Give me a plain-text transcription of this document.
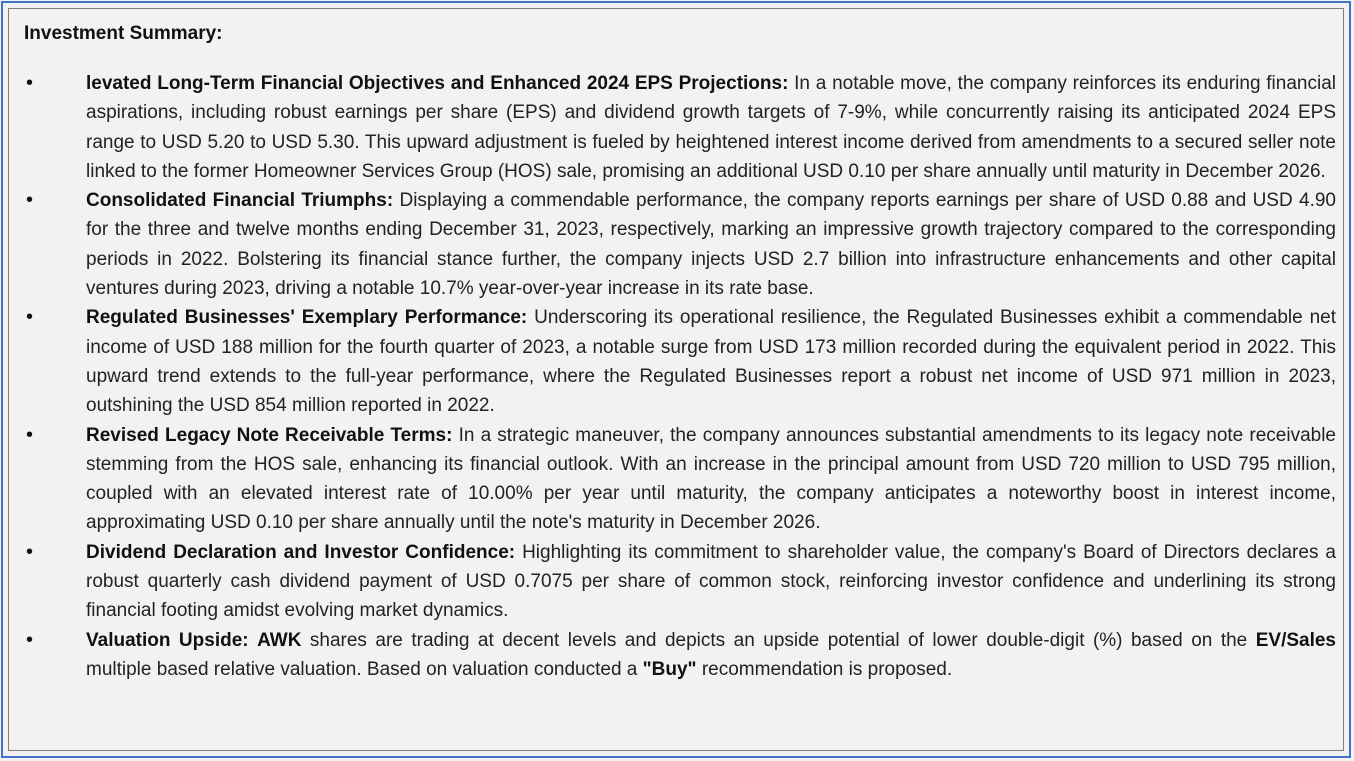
Investment Summary:

•	levated Long-Term Financial Objectives and Enhanced 2024 EPS Projections: In a notable move, the company reinforces its enduring financial aspirations, including robust earnings per share (EPS) and dividend growth targets of 7-9%, while concurrently raising its anticipated 2024 EPS range to USD 5.20 to USD 5.30. This upward adjustment is fueled by heightened interest income derived from amendments to a secured seller note linked to the former Homeowner Services Group (HOS) sale, promising an additional USD 0.10 per share annually until maturity in December 2026.
•	Consolidated Financial Triumphs: Displaying a commendable performance, the company reports earnings per share of USD 0.88 and USD 4.90 for the three and twelve months ending December 31, 2023, respectively, marking an impressive growth trajectory compared to the corresponding periods in 2022. Bolstering its financial stance further, the company injects USD 2.7 billion into infrastructure enhancements and other capital ventures during 2023, driving a notable 10.7% year-over-year increase in its rate base.
•	Regulated Businesses' Exemplary Performance: Underscoring its operational resilience, the Regulated Businesses exhibit a commendable net income of USD 188 million for the fourth quarter of 2023, a notable surge from USD 173 million recorded during the equivalent period in 2022. This upward trend extends to the full-year performance, where the Regulated Businesses report a robust net income of USD 971 million in 2023, outshining the USD 854 million reported in 2022.
•	Revised Legacy Note Receivable Terms: In a strategic maneuver, the company announces substantial amendments to its legacy note receivable stemming from the HOS sale, enhancing its financial outlook. With an increase in the principal amount from USD 720 million to USD 795 million, coupled with an elevated interest rate of 10.00% per year until maturity, the company anticipates a noteworthy boost in interest income, approximating USD 0.10 per share annually until the note's maturity in December 2026.
•	Dividend Declaration and Investor Confidence: Highlighting its commitment to shareholder value, the company's Board of Directors declares a robust quarterly cash dividend payment of USD 0.7075 per share of common stock, reinforcing investor confidence and underlining its strong financial footing amidst evolving market dynamics.
•	Valuation Upside: AWK shares are trading at decent levels and depicts an upside potential of lower double-digit (%) based on the EV/Sales multiple based relative valuation. Based on valuation conducted a "Buy" recommendation is proposed.
